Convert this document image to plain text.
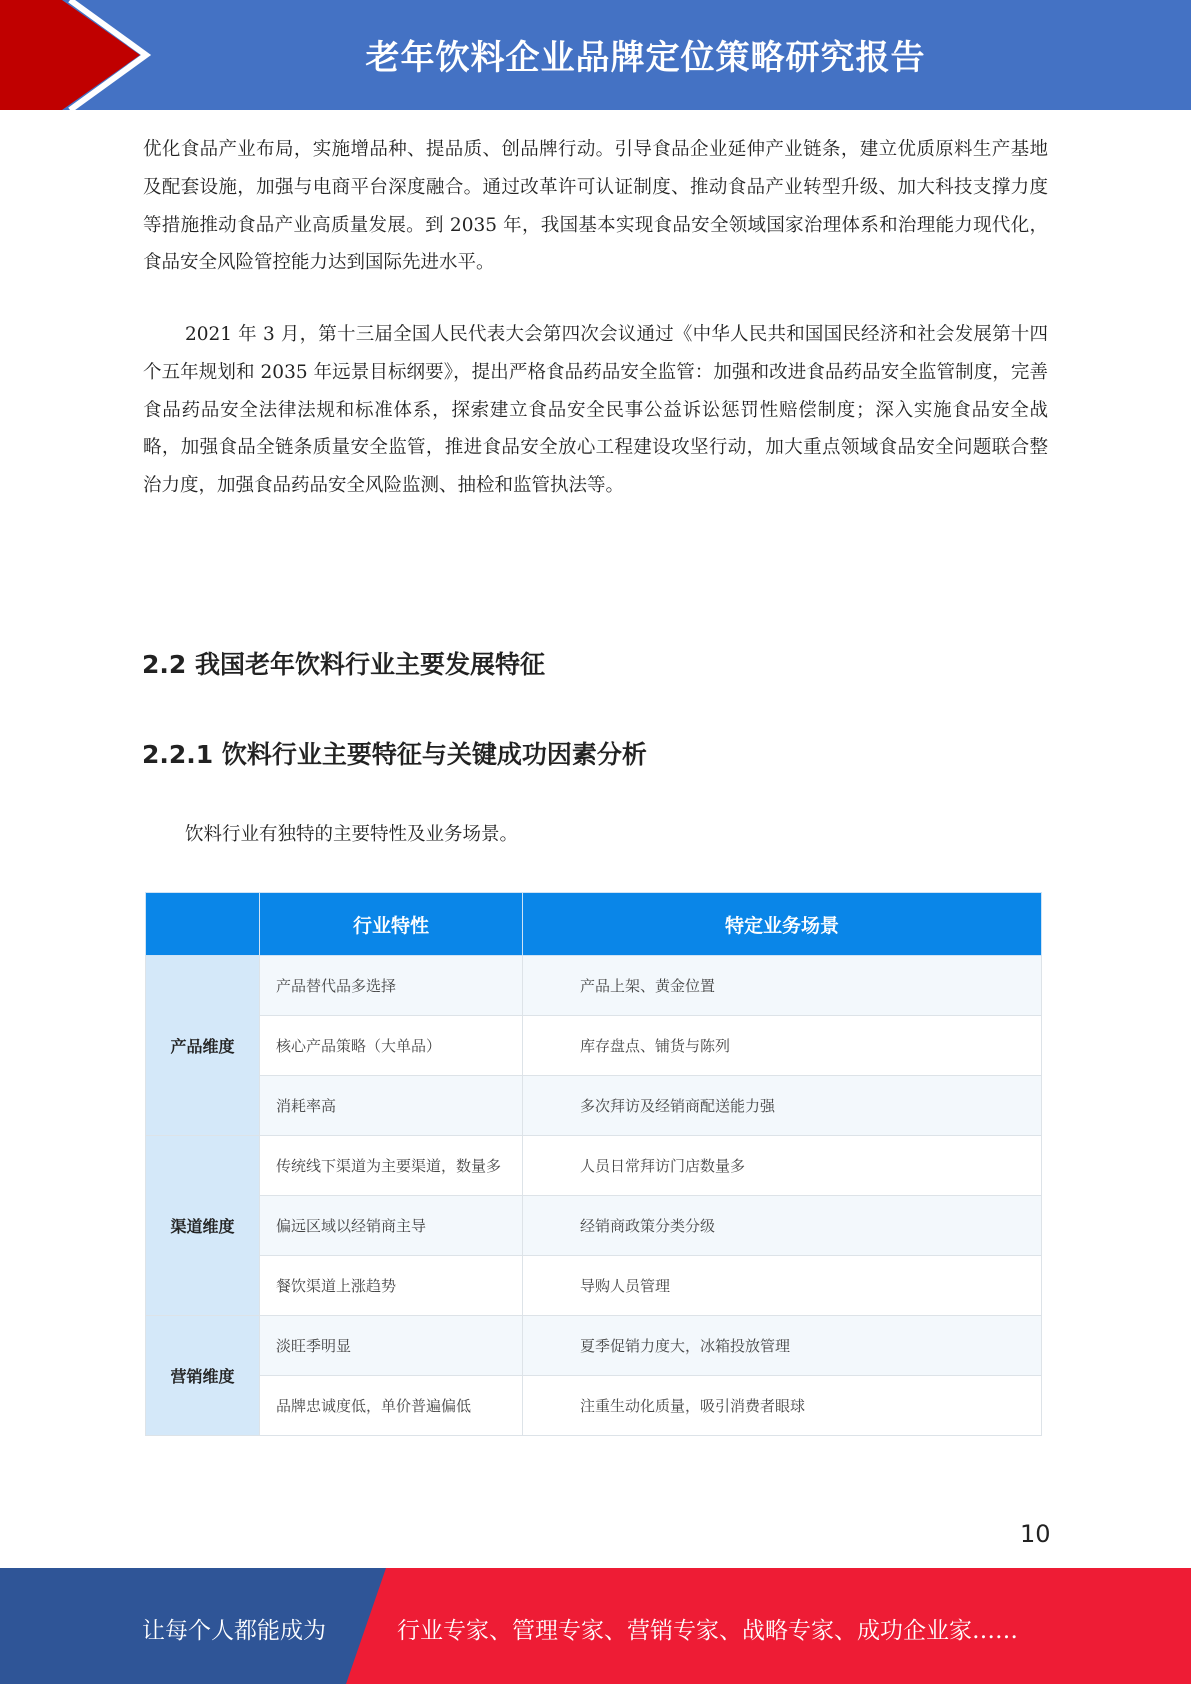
老年饮料企业品牌定位策略研究报告
优化食品产业布局，实施增品种、提品质、创品牌行动。引导食品企业延伸产业链条，建立优质原料生产基地及配套设施，加强与电商平台深度融合。通过改革许可认证制度、推动食品产业转型升级、加大科技支撑力度等措施推动食品产业高质量发展。到 2035 年，我国基本实现食品安全领域国家治理体系和治理能力现代化，食品安全风险管控能力达到国际先进水平。
2021 年 3 月，第十三届全国人民代表大会第四次会议通过《中华人民共和国国民经济和社会发展第十四个五年规划和 2035 年远景目标纲要》，提出严格食品药品安全监管：加强和改进食品药品安全监管制度，完善食品药品安全法律法规和标准体系，探索建立食品安全民事公益诉讼惩罚性赔偿制度；深入实施食品安全战略，加强食品全链条质量安全监管，推进食品安全放心工程建设攻坚行动，加大重点领域食品安全问题联合整治力度，加强食品药品安全风险监测、抽检和监管执法等。
2.2 我国老年饮料行业主要发展特征
2.2.1 饮料行业主要特征与关键成功因素分析
饮料行业有独特的主要特性及业务场景。
	行业特性	特定业务场景
产品维度	产品替代品多选择	产品上架、黄金位置
	核心产品策略（大单品）	库存盘点、铺货与陈列
	消耗率高	多次拜访及经销商配送能力强
渠道维度	传统线下渠道为主要渠道，数量多	人员日常拜访门店数量多
	偏远区域以经销商主导	经销商政策分类分级
	餐饮渠道上涨趋势	导购人员管理
营销维度	淡旺季明显	夏季促销力度大，冰箱投放管理
	品牌忠诚度低，单价普遍偏低	注重生动化质量，吸引消费者眼球
10
让每个人都能成为	行业专家、管理专家、营销专家、战略专家、成功企业家……
